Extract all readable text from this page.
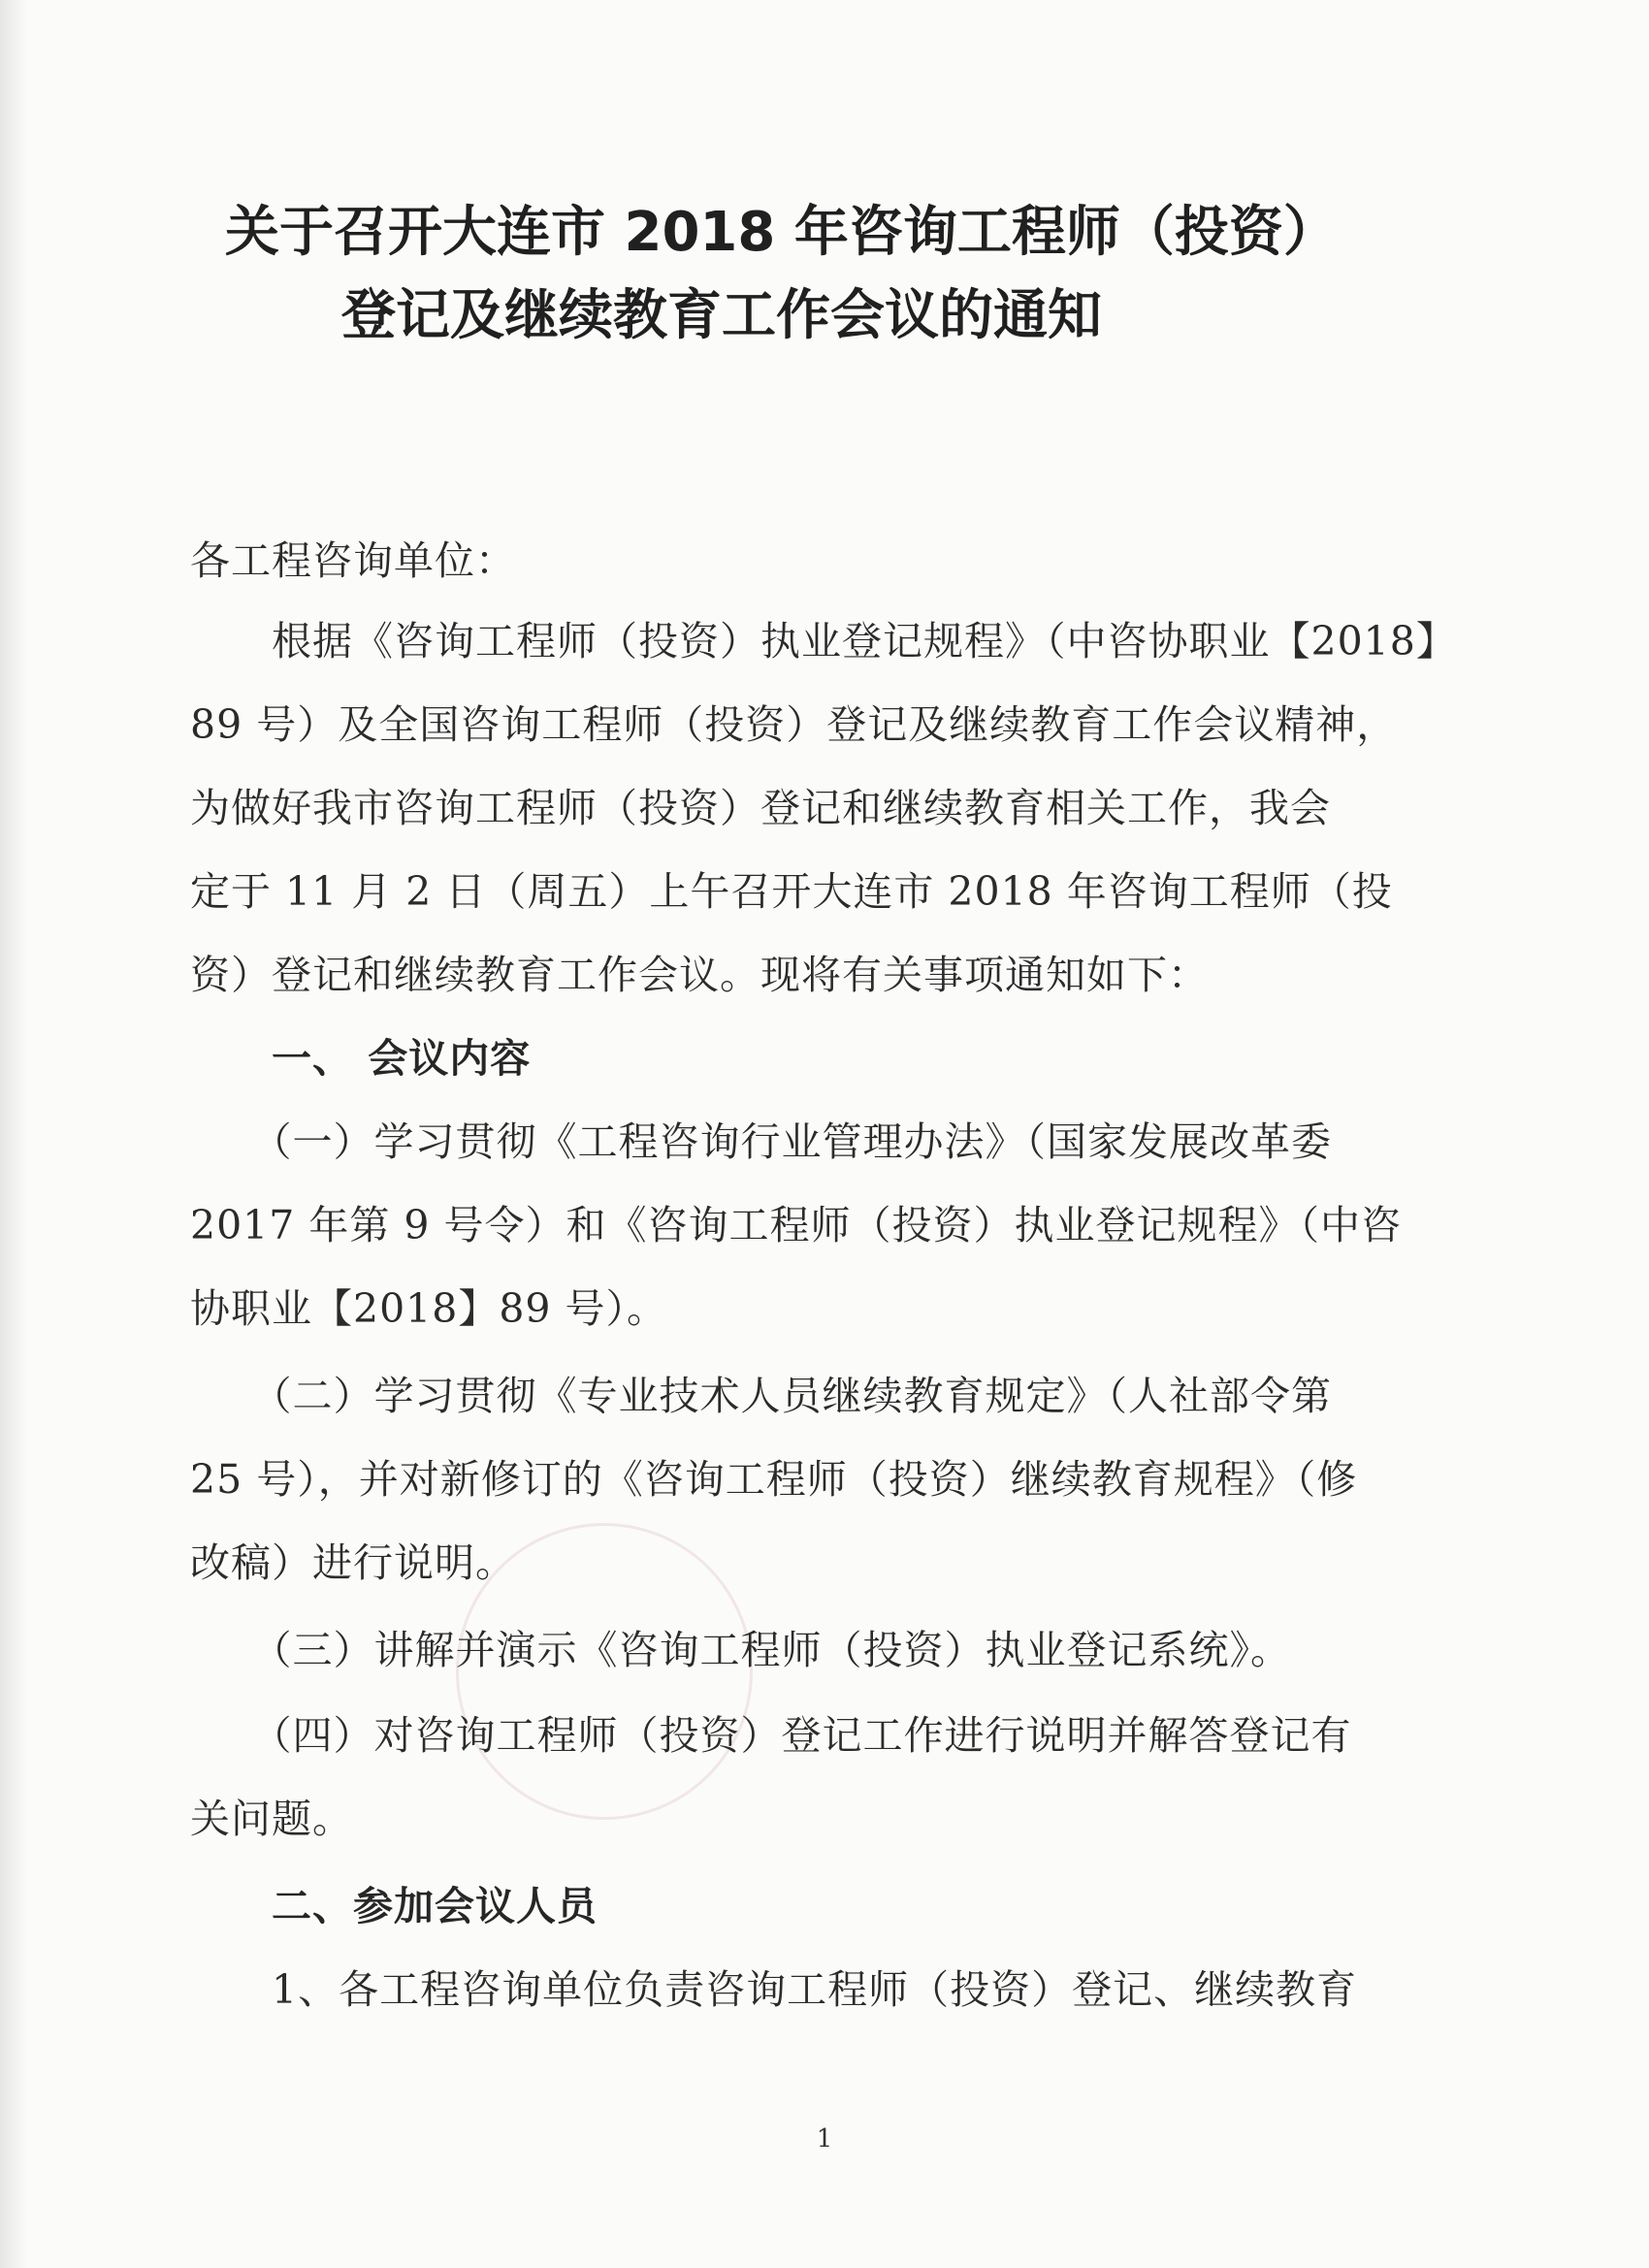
关于召开大连市 2018 年咨询工程师（投资）
登记及继续教育工作会议的通知
各工程咨询单位：
　　根据《咨询工程师（投资）执业登记规程》（中咨协职业【2018】
89 号）及全国咨询工程师（投资）登记及继续教育工作会议精神，
为做好我市咨询工程师（投资）登记和继续教育相关工作，我会
定于 11 月 2 日（周五）上午召开大连市 2018 年咨询工程师（投
资）登记和继续教育工作会议。现将有关事项通知如下：
　　一、 会议内容
　　（一）学习贯彻《工程咨询行业管理办法》（国家发展改革委
2017 年第 9 号令）和《咨询工程师（投资）执业登记规程》（中咨
协职业【2018】89 号）。
　　（二）学习贯彻《专业技术人员继续教育规定》（人社部令第
25 号），并对新修订的《咨询工程师（投资）继续教育规程》（修
改稿）进行说明。
　　（三）讲解并演示《咨询工程师（投资）执业登记系统》。
　　（四）对咨询工程师（投资）登记工作进行说明并解答登记有
关问题。
　　二、参加会议人员
　　1、各工程咨询单位负责咨询工程师（投资）登记、继续教育
1
